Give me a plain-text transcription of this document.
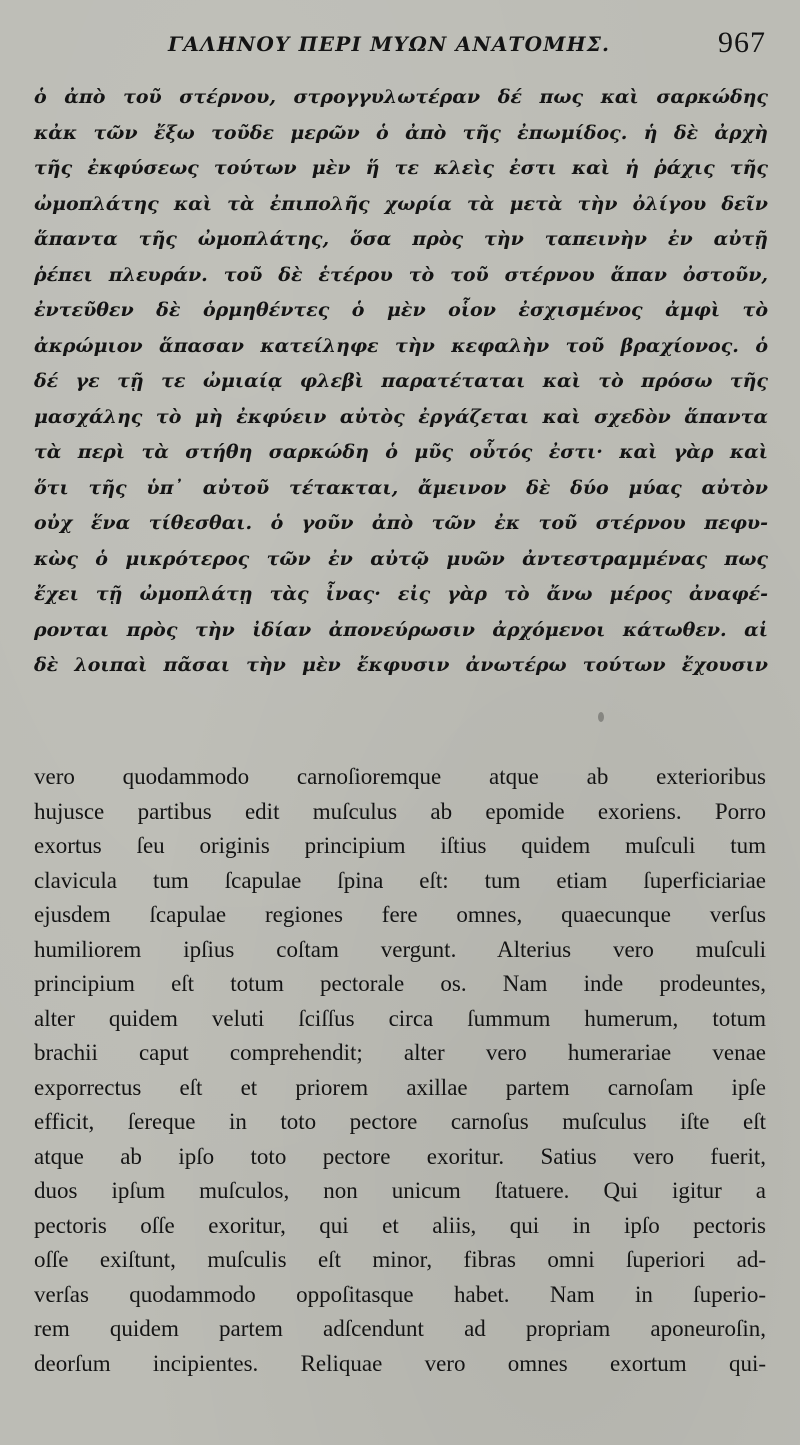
ΓΑΛΗΝΟΥ ΠΕΡΙ ΜΥΩΝ ΑΝΑΤΟΜΗΣ.	967
ὁ ἀπὸ τοῦ στέρνου, στρογγυλωτέραν δέ πως καὶ σαρκώδης
κἀκ τῶν ἔξω τοῦδε μερῶν ὁ ἀπὸ τῆς ἐπωμίδος. ἡ δὲ ἀρχὴ
τῆς ἐκφύσεως τούτων μὲν ἥ τε κλεὶς ἐστι καὶ ἡ ῥάχις τῆς
ὠμοπλάτης καὶ τὰ ἐπιπολῆς χωρία τὰ μετὰ τὴν ὀλίγου δεῖν
ἅπαντα τῆς ὠμοπλάτης, ὅσα πρὸς τὴν ταπεινὴν ἐν αὐτῇ
ῥέπει πλευράν. τοῦ δὲ ἑτέρου τὸ τοῦ στέρνου ἅπαν ὀστοῦν,
ἐντεῦθεν δὲ ὁρμηθέντες ὁ μὲν οἷον ἐσχισμένος ἀμφὶ τὸ
ἀκρώμιον ἅπασαν κατείληφε τὴν κεφαλὴν τοῦ βραχίονος. ὁ
δέ γε τῇ τε ὠμιαίᾳ φλεβὶ παρατέταται καὶ τὸ πρόσω τῆς
μασχάλης τὸ μὴ ἐκφύειν αὐτὸς ἐργάζεται καὶ σχεδὸν ἅπαντα
τὰ περὶ τὰ στήθη σαρκώδη ὁ μῦς οὗτός ἐστι· καὶ γὰρ καὶ
ὅτι τῆς ὑπ᾽ αὐτοῦ τέτακται, ἄμεινον δὲ δύο μύας αὐτὸν
οὐχ ἕνα τίθεσθαι. ὁ γοῦν ἀπὸ τῶν ἐκ τοῦ στέρνου πεφυ-
κὼς ὁ μικρότερος τῶν ἐν αὐτῷ μυῶν ἀντεστραμμένας πως
ἔχει τῇ ὠμοπλάτῃ τὰς ἶνας· εἰς γὰρ τὸ ἄνω μέρος ἀναφέ-
ρονται πρὸς τὴν ἰδίαν ἀπονεύρωσιν ἀρχόμενοι κάτωθεν. αἱ
δὲ λοιπαὶ πᾶσαι τὴν μὲν ἔκφυσιν ἀνωτέρω τούτων ἔχουσιν
vero quodammodo carnoſioremque atque ab exterioribus
hujusce partibus edit muſculus ab epomide exoriens. Porro
exortus ſeu originis principium iſtius quidem muſculi tum
clavicula tum ſcapulae ſpina eſt: tum etiam ſuperficiariae
ejusdem ſcapulae regiones fere omnes, quaecunque verſus
humiliorem ipſius coſtam vergunt. Alterius vero muſculi
principium eſt totum pectorale os. Nam inde prodeuntes,
alter quidem veluti ſciſſus circa ſummum humerum, totum
brachii caput comprehendit; alter vero humerariae venae
exporrectus eſt et priorem axillae partem carnoſam ipſe
efficit, ſereque in toto pectore carnoſus muſculus iſte eſt
atque ab ipſo toto pectore exoritur. Satius vero fuerit,
duos ipſum muſculos, non unicum ſtatuere. Qui igitur a
pectoris oſſe exoritur, qui et aliis, qui in ipſo pectoris
oſſe exiſtunt, muſculis eſt minor, fibras omni ſuperiori ad-
verſas quodammodo oppoſitasque habet. Nam in ſuperio-
rem quidem partem adſcendunt ad propriam aponeuroſin,
deorſum incipientes. Reliquae vero omnes exortum qui-
